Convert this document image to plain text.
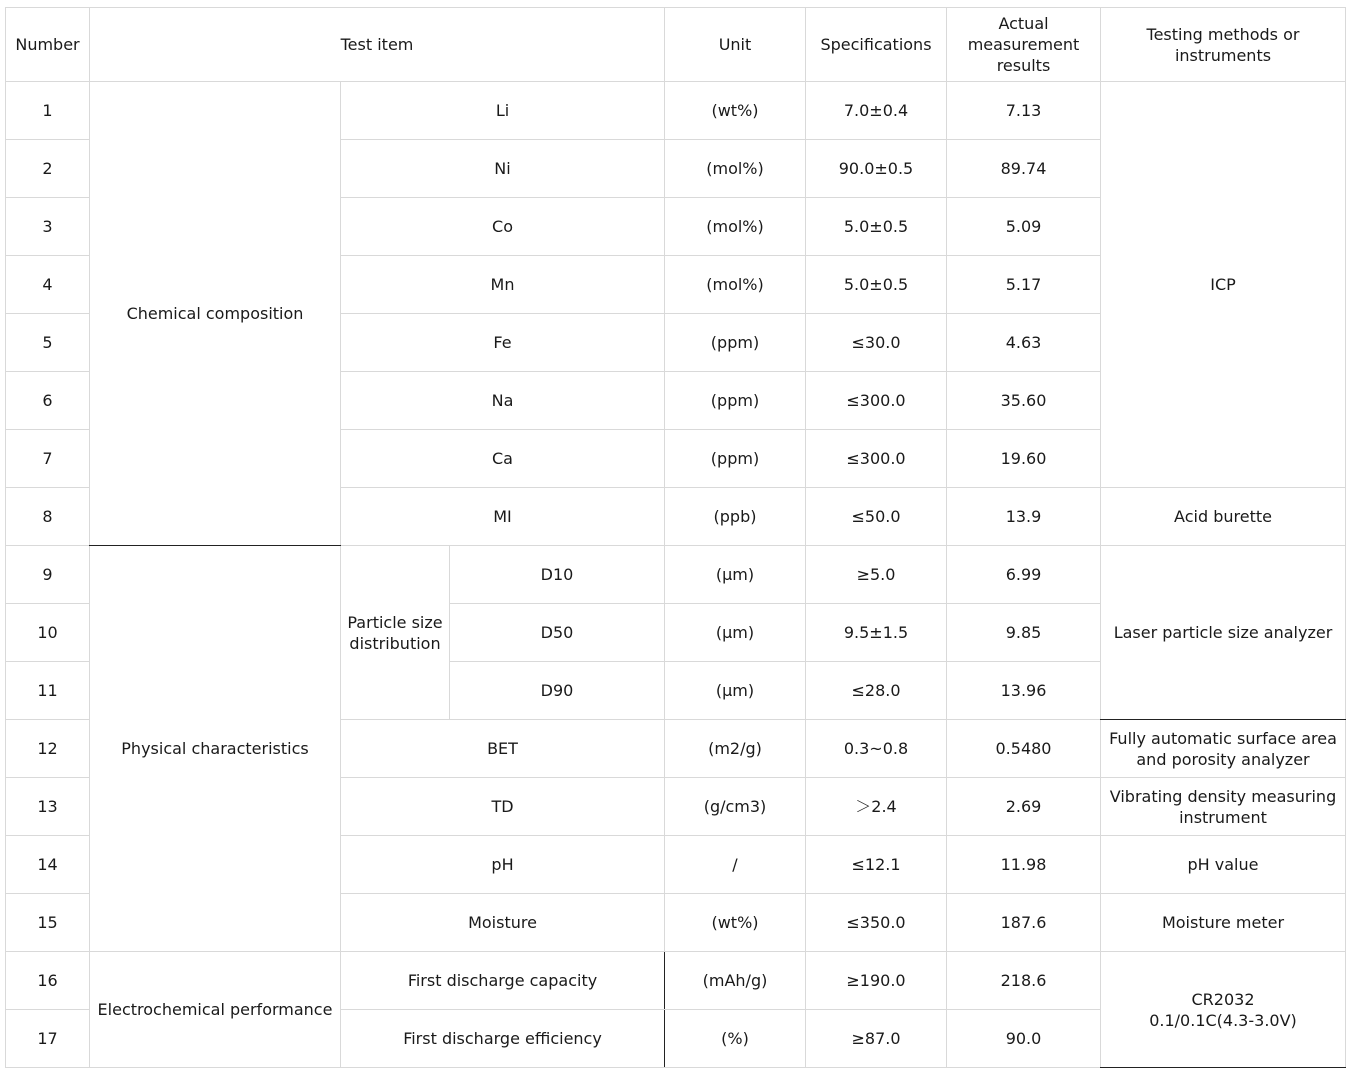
Number	Test item			Unit	Specifications	Actual measurement results	Testing methods or instruments
1	Chemical composition	Li		(wt%)	7.0±0.4	7.13	ICP
2		Ni		(mol%)	90.0±0.5	89.74	
3		Co		(mol%)	5.0±0.5	5.09	
4		Mn		(mol%)	5.0±0.5	5.17	
5		Fe		(ppm)	≤30.0	4.63	
6		Na		(ppm)	≤300.0	35.60	
7		Ca		(ppm)	≤300.0	19.60	
8		MI		(ppb)	≤50.0	13.9	Acid burette
9	Physical characteristics	Particle size distribution	D10	(μm)	≥5.0	6.99	Laser particle size analyzer
10			D50	(μm)	9.5±1.5	9.85	
11			D90	(μm)	≤28.0	13.96	
12		BET		(m2/g)	0.3~0.8	0.5480	Fully automatic surface area and porosity analyzer
13		TD		(g/cm3)	＞2.4	2.69	Vibrating density measuring instrument
14		pH		/	≤12.1	11.98	pH value
15		Moisture		(wt%)	≤350.0	187.6	Moisture meter
16	Electrochemical performance	First discharge capacity		(mAh/g)	≥190.0	218.6	CR2032
0.1/0.1C(4.3-3.0V)

17		First discharge efficiency		(%)	≥87.0	90.0	
